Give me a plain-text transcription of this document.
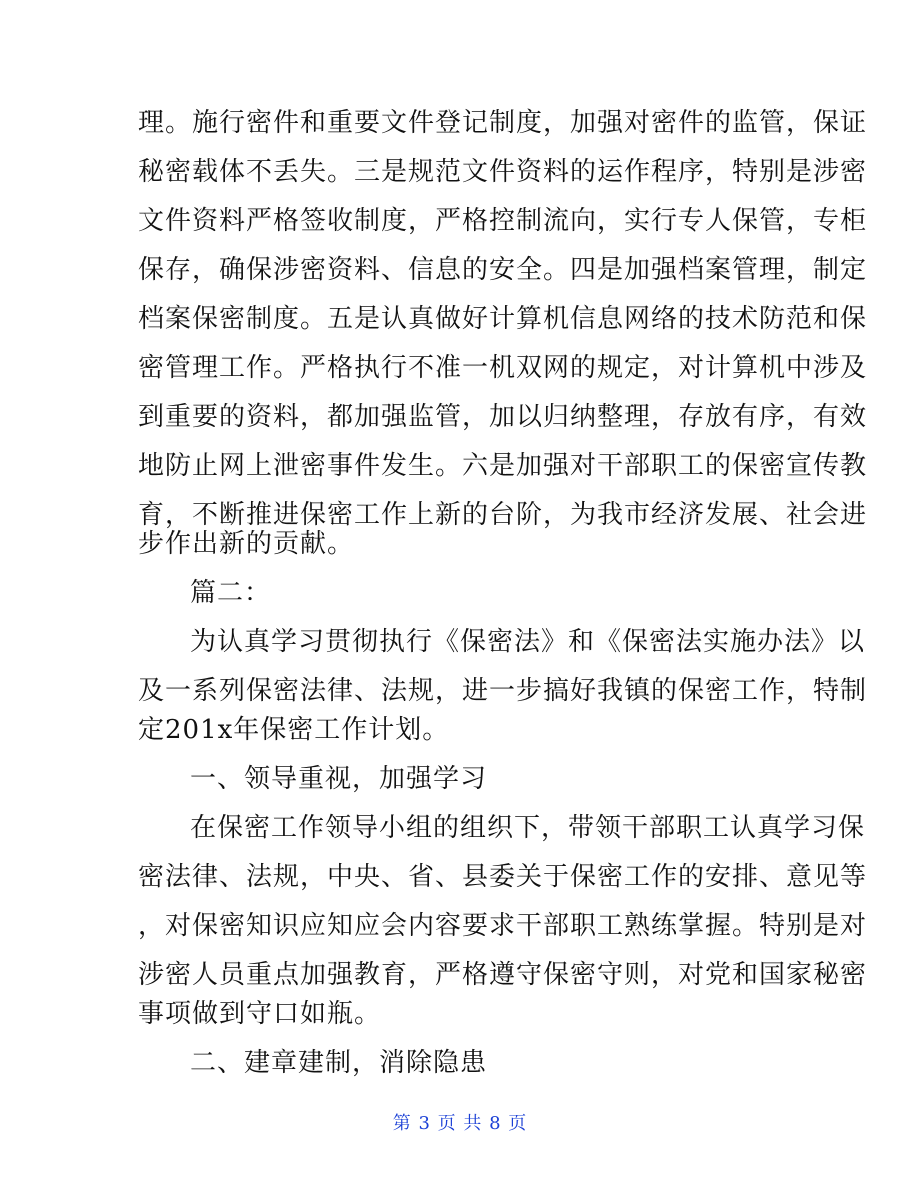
理。施行密件和重要文件登记制度，加强对密件的监管，保证
秘密载体不丢失。三是规范文件资料的运作程序，特别是涉密
文件资料严格签收制度，严格控制流向，实行专人保管，专柜
保存，确保涉密资料、信息的安全。四是加强档案管理，制定
档案保密制度。五是认真做好计算机信息网络的技术防范和保
密管理工作。严格执行不准一机双网的规定，对计算机中涉及
到重要的资料，都加强监管，加以归纳整理，存放有序，有效
地防止网上泄密事件发生。六是加强对干部职工的保密宣传教
育，不断推进保密工作上新的台阶，为我市经济发展、社会进
步作出新的贡献。
篇二：
为认真学习贯彻执行《保密法》和《保密法实施办法》以
及一系列保密法律、法规，进一步搞好我镇的保密工作，特制
定201x年保密工作计划。
一、领导重视，加强学习
在保密工作领导小组的组织下，带领干部职工认真学习保
密法律、法规，中央、省、县委关于保密工作的安排、意见等
，对保密知识应知应会内容要求干部职工熟练掌握。特别是对
涉密人员重点加强教育，严格遵守保密守则，对党和国家秘密
事项做到守口如瓶。
二、建章建制，消除隐患
第 3 页 共 8 页
